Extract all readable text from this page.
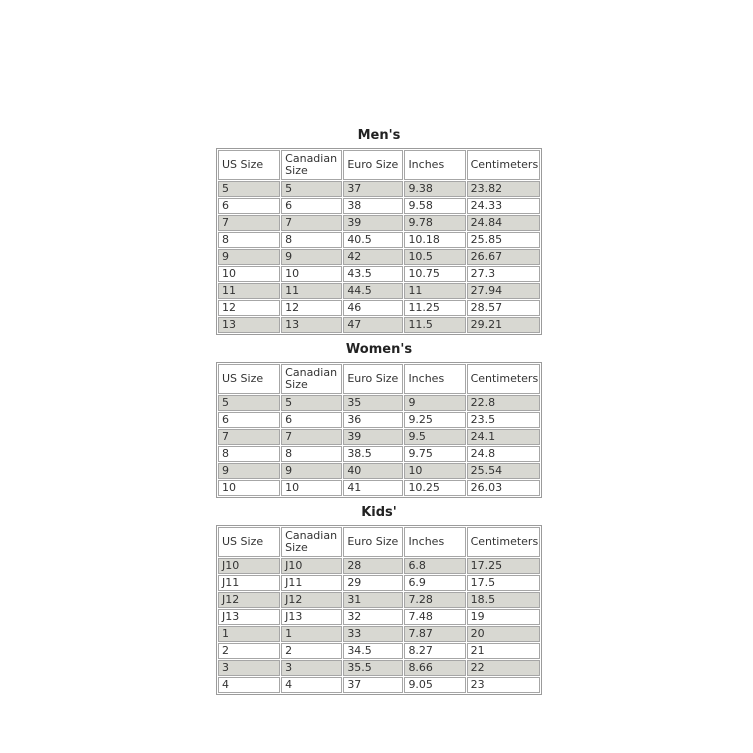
Men's
US Size	Canadian Size	Euro Size	Inches	Centimeters
5	5	37	9.38	23.82
6	6	38	9.58	24.33
7	7	39	9.78	24.84
8	8	40.5	10.18	25.85
9	9	42	10.5	26.67
10	10	43.5	10.75	27.3
11	11	44.5	11	27.94
12	12	46	11.25	28.57
13	13	47	11.5	29.21
Women's
US Size	Canadian Size	Euro Size	Inches	Centimeters
5	5	35	9	22.8
6	6	36	9.25	23.5
7	7	39	9.5	24.1
8	8	38.5	9.75	24.8
9	9	40	10	25.54
10	10	41	10.25	26.03
Kids'
US Size	Canadian Size	Euro Size	Inches	Centimeters
J10	J10	28	6.8	17.25
J11	J11	29	6.9	17.5
J12	J12	31	7.28	18.5
J13	J13	32	7.48	19
1	1	33	7.87	20
2	2	34.5	8.27	21
3	3	35.5	8.66	22
4	4	37	9.05	23
